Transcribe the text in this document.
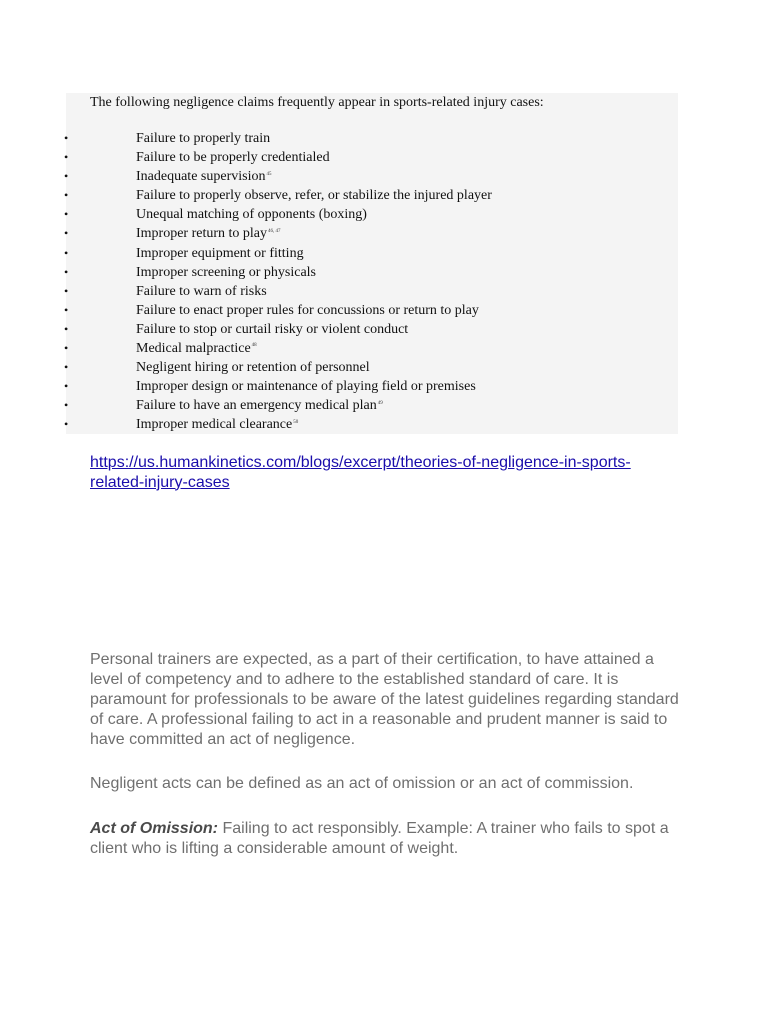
The following negligence claims frequently appear in sports-related injury cases:
•	Failure to properly train
•	Failure to be properly credentialed
•	Inadequate supervision$^{45}$
•	Failure to properly observe, refer, or stabilize the injured player
•	Unequal matching of opponents (boxing)
•	Improper return to play$^{46, 47}$
•	Improper equipment or fitting
•	Improper screening or physicals
•	Failure to warn of risks
•	Failure to enact proper rules for concussions or return to play
•	Failure to stop or curtail risky or violent conduct
•	Medical malpractice$^{48}$
•	Negligent hiring or retention of personnel
•	Improper design or maintenance of playing field or premises
•	Failure to have an emergency medical plan$^{49}$
•	Improper medical clearance$^{50}$
https://us.humankinetics.com/blogs/excerpt/theories-of-negligence-in-sports-related-injury-cases

Personal trainers are expected, as a part of their certification, to have attained a level of competency and to adhere to the established standard of care. It is paramount for professionals to be aware of the latest guidelines regarding standard of care. A professional failing to act in a reasonable and prudent manner is said to have committed an act of negligence.

Negligent acts can be defined as an act of omission or an act of commission.

Act of Omission: Failing to act responsibly. Example: A trainer who fails to spot a client who is lifting a considerable amount of weight.
